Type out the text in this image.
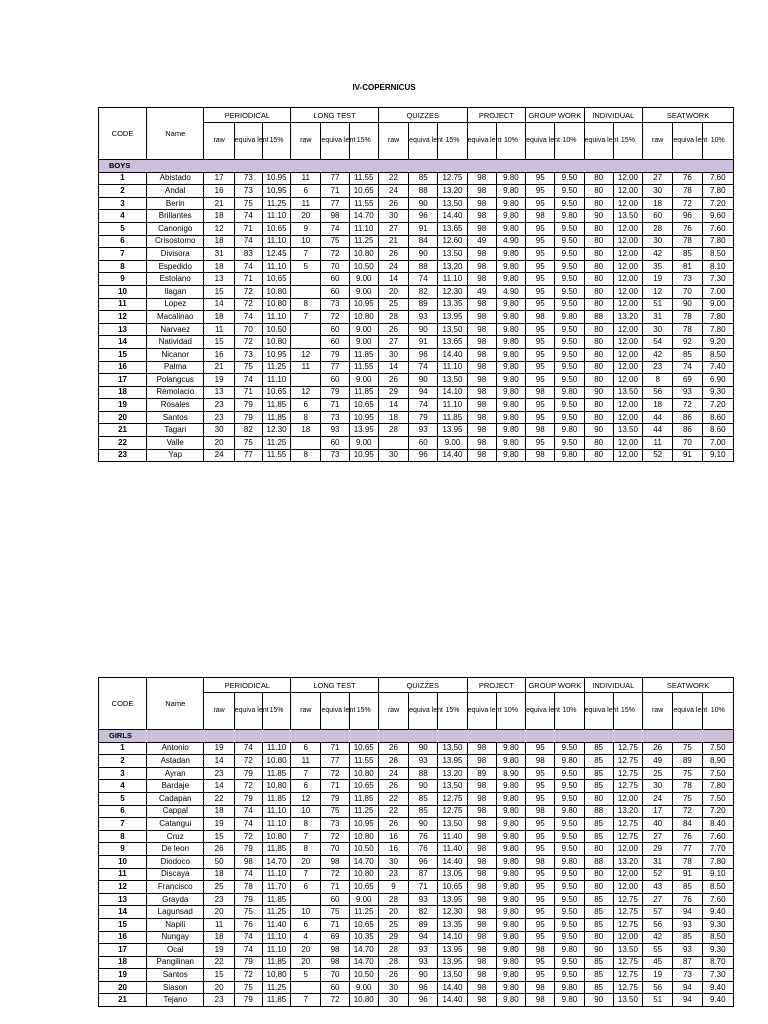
IV-COPERNICUS
CODE	Name	PERIODICAL			LONG TEST			QUIZZES			PROJECT		GROUP WORK		INDIVIDUAL		SEATWORK		
		raw	equiva lent	15%	raw	equiva lent	15%	raw	equiva lent	15%	equiva lent	10%	equiva lent	10%	equiva lent	15%	raw	equiva lent	10%
BOYS																			
1	Abistado	17	73	10.95	11	77	11.55	22	85	12.75	98	9.80	95	9.50	80	12.00	27	76	7.60
2	Andal	16	73	10.95	6	71	10.65	24	88	13.20	98	9.80	95	9.50	80	12.00	30	78	7.80
3	Berin	21	75	11.25	11	77	11.55	26	90	13.50	98	9.80	95	9.50	80	12.00	18	72	7.20
4	Brillantes	18	74	11.10	20	98	14.70	30	96	14.40	98	9.80	98	9.80	90	13.50	60	96	9.60
5	Canonigo	12	71	10.65	9	74	11.10	27	91	13.65	98	9.80	95	9.50	80	12.00	28	76	7.60
6	Crisostomo	18	74	11.10	10	75	11.25	21	84	12.60	49	4.90	95	9.50	80	12.00	30	78	7.80
7	Divisora	31	83	12.45	7	72	10.80	26	90	13.50	98	9.80	95	9.50	80	12.00	42	85	8.50
8	Espedido	18	74	11.10	5	70	10.50	24	88	13.20	98	9.80	95	9.50	80	12.00	35	81	8.10
9	Estolano	13	71	10.65		60	9.00	14	74	11.10	98	9.80	95	9.50	80	12.00	19	73	7.30
10	Ilagan	15	72	10.80		60	9.00	20	82	12.30	49	4.90	95	9.50	80	12.00	12	70	7.00
11	Lopez	14	72	10.80	8	73	10.95	25	89	13.35	98	9.80	95	9.50	80	12.00	51	90	9.00
12	Macalinao	18	74	11.10	7	72	10.80	28	93	13.95	98	9.80	98	9.80	88	13.20	31	78	7.80
13	Narvaez	11	70	10.50		60	9.00	26	90	13.50	98	9.80	95	9.50	80	12.00	30	78	7.80
14	Natividad	15	72	10.80		60	9.00	27	91	13.65	98	9.80	95	9.50	80	12.00	54	92	9.20
15	Nicanor	16	73	10.95	12	79	11.85	30	96	14.40	98	9.80	95	9.50	80	12.00	42	85	8.50
16	Palma	21	75	11.25	11	77	11.55	14	74	11.10	98	9.80	95	9.50	80	12.00	23	74	7.40
17	Polangcus	19	74	11.10		60	9.00	26	90	13.50	98	9.80	95	9.50	80	12.00	8	69	6.90
18	Remolacio	13	71	10.65	12	79	11.85	29	94	14.10	98	9.80	98	9.80	90	13.50	56	93	9.30
19	Rosales	23	79	11.85	6	71	10.65	14	74	11.10	98	9.80	95	9.50	80	12.00	18	72	7.20
20	Santos	23	79	11.85	8	73	10.95	18	79	11.85	98	9.80	95	9.50	80	12.00	44	86	8.60
21	Tagari	30	82	12.30	18	93	13.95	28	93	13.95	98	9.80	98	9.80	90	13.50	44	86	8.60
22	Valle	20	75	11.25		60	9.00		60	9.00	98	9.80	95	9.50	80	12.00	11	70	7.00
23	Yap	24	77	11.55	8	73	10.95	30	96	14.40	98	9.80	98	9.80	80	12.00	52	91	9.10
CODE	Name	PERIODICAL			LONG TEST			QUIZZES			PROJECT		GROUP WORK		INDIVIDUAL		SEATWORK		
		raw	equiva lent	15%	raw	equiva lent	15%	raw	equiva lent	15%	equiva lent	10%	equiva lent	10%	equiva lent	15%	raw	equiva lent	10%
GIRLS																			
1	Antonio	19	74	11.10	6	71	10.65	26	90	13.50	98	9.80	95	9.50	85	12.75	26	75	7.50
2	Astadan	14	72	10.80	11	77	11.55	28	93	13.95	98	9.80	98	9.80	85	12.75	49	89	8.90
3	Ayran	23	79	11.85	7	72	10.80	24	88	13.20	89	8.90	95	9.50	85	12.75	25	75	7.50
4	Bardaje	14	72	10.80	6	71	10.65	26	90	13.50	98	9.80	95	9.50	85	12.75	30	78	7.80
5	Cadapan	22	79	11.85	12	79	11.85	22	85	12.75	98	9.80	95	9.50	80	12.00	24	75	7.50
6	Cappal	18	74	11.10	10	75	11.25	22	85	12.75	98	9.80	98	9.80	88	13.20	17	72	7.20
7	Catangui	19	74	11.10	8	73	10.95	26	90	13.50	98	9.80	95	9.50	85	12.75	40	84	8.40
8	Cruz	15	72	10.80	7	72	10.80	16	76	11.40	98	9.80	95	9.50	85	12.75	27	76	7.60
9	De leon	26	79	11.85	8	70	10.50	16	76	11.40	98	9.80	95	9.50	80	12.00	29	77	7.70
10	Diodoco	50	98	14.70	20	98	14.70	30	96	14.40	98	9.80	98	9.80	88	13.20	31	78	7.80
11	Discaya	18	74	11.10	7	72	10.80	23	87	13.05	98	9.80	95	9.50	80	12.00	52	91	9.10
12	Francisco	25	78	11.70	6	71	10.65	9	71	10.65	98	9.80	95	9.50	80	12.00	43	85	8.50
13	Grayda	23	79	11.85		60	9.00	28	93	13.95	98	9.80	95	9.50	85	12.75	27	76	7.60
14	Lagunsad	20	75	11.25	10	75	11.25	20	82	12.30	98	9.80	95	9.50	85	12.75	57	94	9.40
15	Napili	11	76	11.40	6	71	10.65	25	89	13.35	98	9.80	95	9.50	85	12.75	56	93	9.30
16	Nungay	18	74	11.10	4	69	10.35	29	94	14.10	98	9.80	95	9.50	80	12.00	42	85	8.50
17	Ocal	19	74	11.10	20	98	14.70	28	93	13.95	98	9.80	98	9.80	90	13.50	55	93	9.30
18	Pangilinan	22	79	11.85	20	98	14.70	28	93	13.95	98	9.80	95	9.50	85	12.75	45	87	8.70
19	Santos	15	72	10.80	5	70	10.50	26	90	13.50	98	9.80	95	9.50	85	12.75	19	73	7.30
20	Siason	20	75	11.25		60	9.00	30	96	14.40	98	9.80	98	9.80	85	12.75	56	94	9.40
21	Tejano	23	79	11.85	7	72	10.80	30	96	14.40	98	9.80	98	9.80	90	13.50	51	94	9.40
